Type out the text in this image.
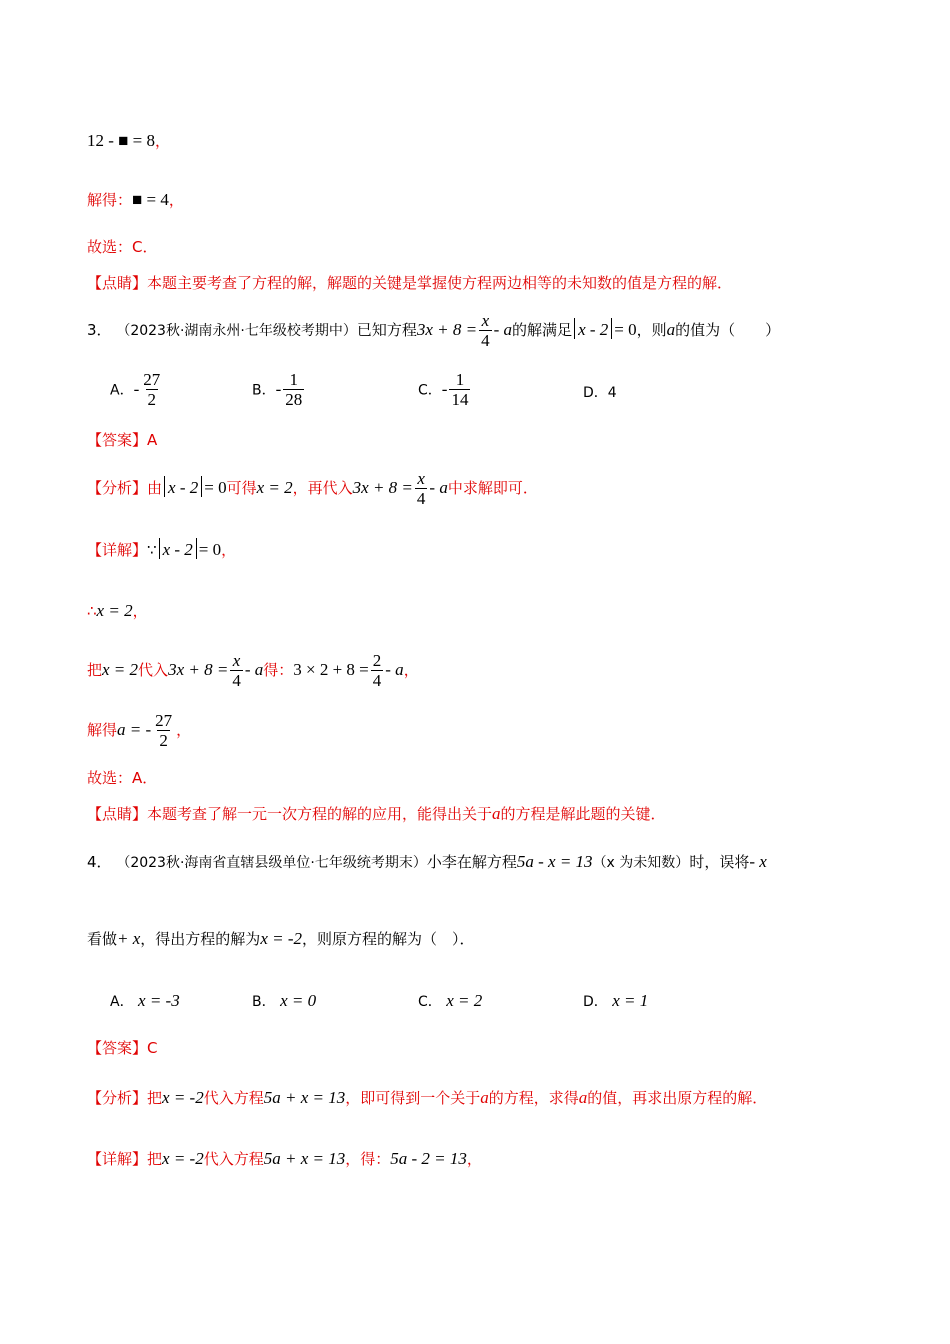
12 - ■ = 8，
解得：■ = 4，
故选：C．
【点睛】本题主要考查了方程的解，解题的关键是掌握使方程两边相等的未知数的值是方程的解．
3． （2023秋·湖南永州·七年级校考期中）已知方程$3x + 8 = \frac{x}{4} - a$的解满足 x - 2 = 0，则a的值为（　　）
A．- $\frac{27}{2}$	B．- $\frac{1}{28}$	C．- $\frac{1}{14}$	D．4
【答案】A
【分析】由 x - 2 = 0可得x = 2，再代入$3x + 8 = \frac{x}{4} - a$中求解即可．
【详解】∵ x - 2 = 0，
∴x = 2，
把x = 2代入$3x + 8 = \frac{x}{4} - a$得：$3 \times 2 + 8 = \frac{2}{4} - a$，
解得a = - $\frac{27}{2}$ ，
故选：A．
【点睛】本题考查了解一元一次方程的解的应用，能得出关于a的方程是解此题的关键．
4． （2023秋·海南省直辖县级单位·七年级统考期末）小李在解方程5a - x = 13（x 为未知数）时，误将- x
看做+ x，得出方程的解为x = -2，则原方程的解为（　）．
A． x = -3	B． x = 0	C． x = 2	D． x = 1
【答案】C
【分析】把x = -2代入方程5a + x = 13，即可得到一个关于a的方程，求得a的值，再求出原方程的解．
【详解】把x = -2代入方程5a + x = 13，得：5a - 2 = 13，
